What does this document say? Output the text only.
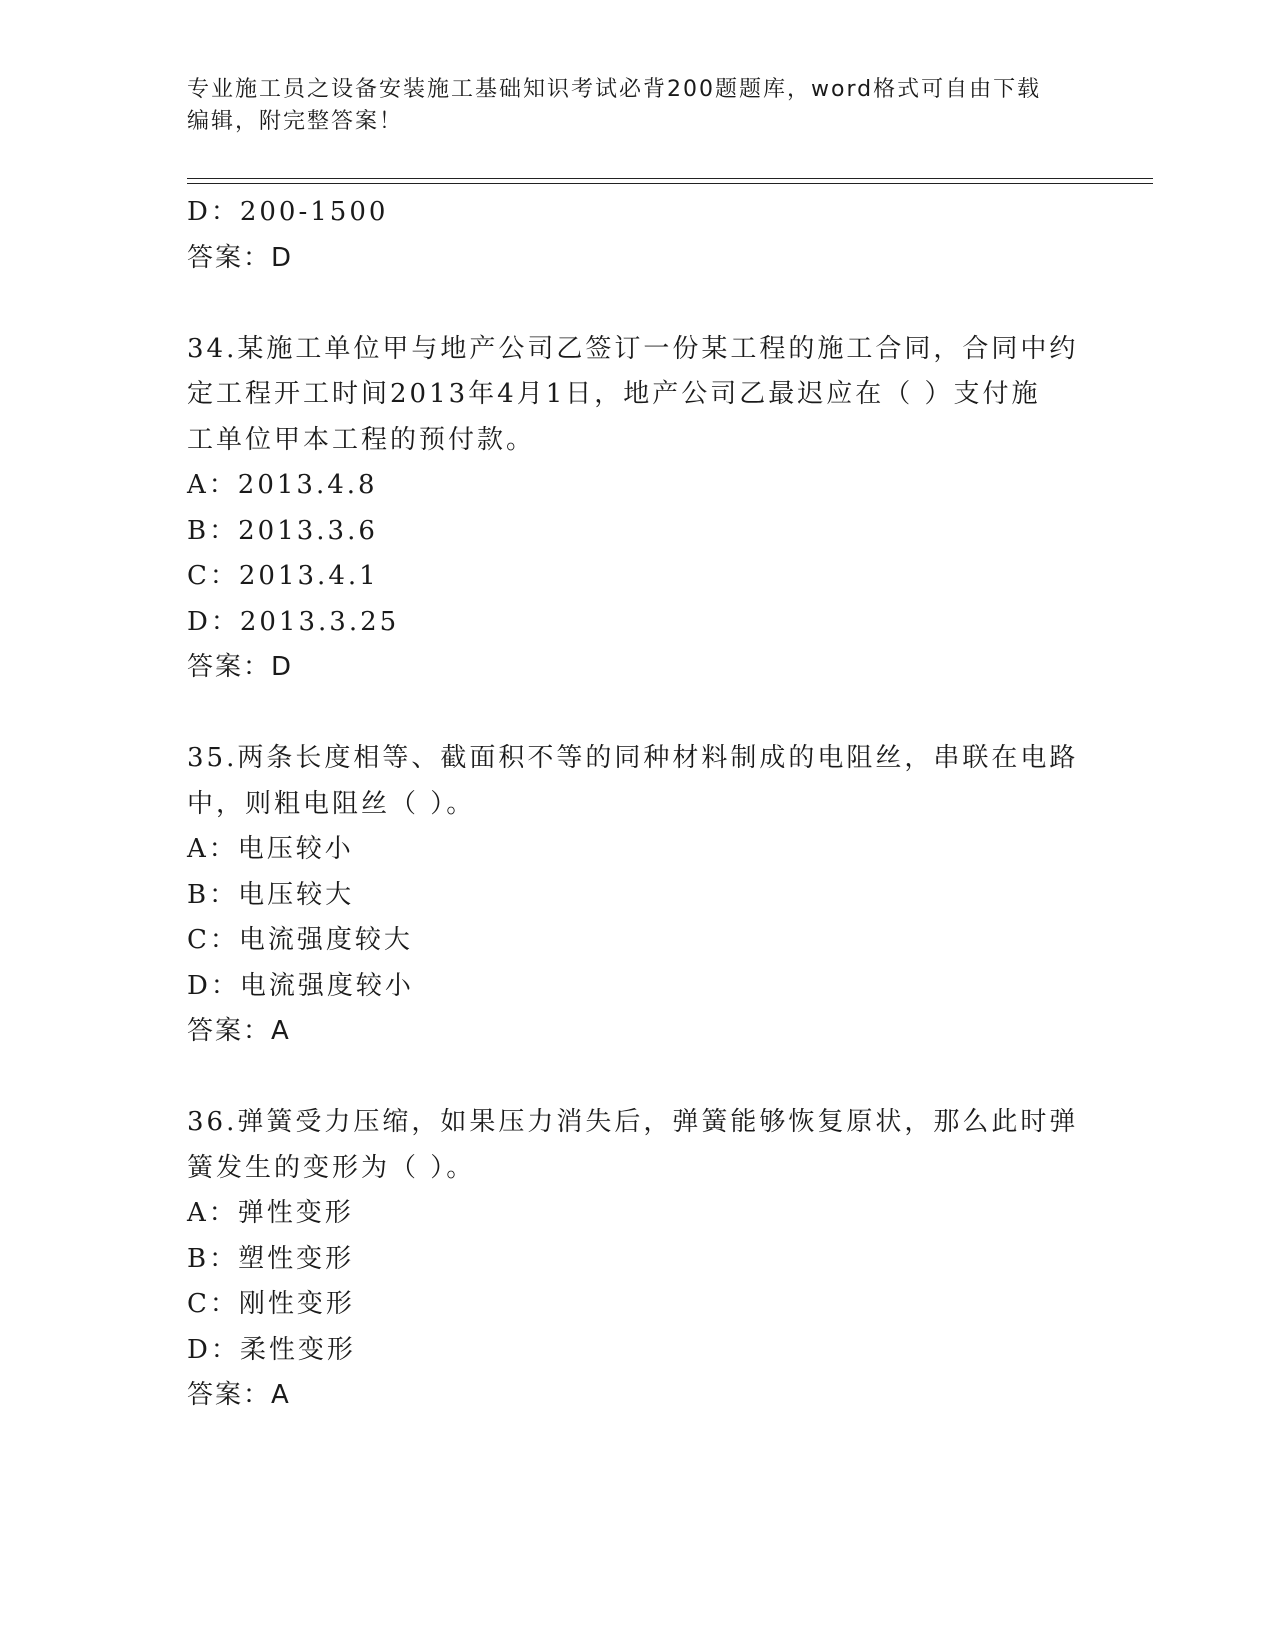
专业施工员之设备安装施工基础知识考试必背200题题库，word格式可自由下载
编辑，附完整答案！
D：200-1500
答案：D
34.某施工单位甲与地产公司乙签订一份某工程的施工合同，合同中约
定工程开工时间2013年4月1日，地产公司乙最迟应在（ ）支付施
工单位甲本工程的预付款。
A：2013.4.8
B：2013.3.6
C：2013.4.1
D：2013.3.25
答案：D
35.两条长度相等、截面积不等的同种材料制成的电阻丝，串联在电路
中，则粗电阻丝（ ）。
A：电压较小
B：电压较大
C：电流强度较大
D：电流强度较小
答案：A
36.弹簧受力压缩，如果压力消失后，弹簧能够恢复原状，那么此时弹
簧发生的变形为（ ）。
A：弹性变形
B：塑性变形
C：刚性变形
D：柔性变形
答案：A
